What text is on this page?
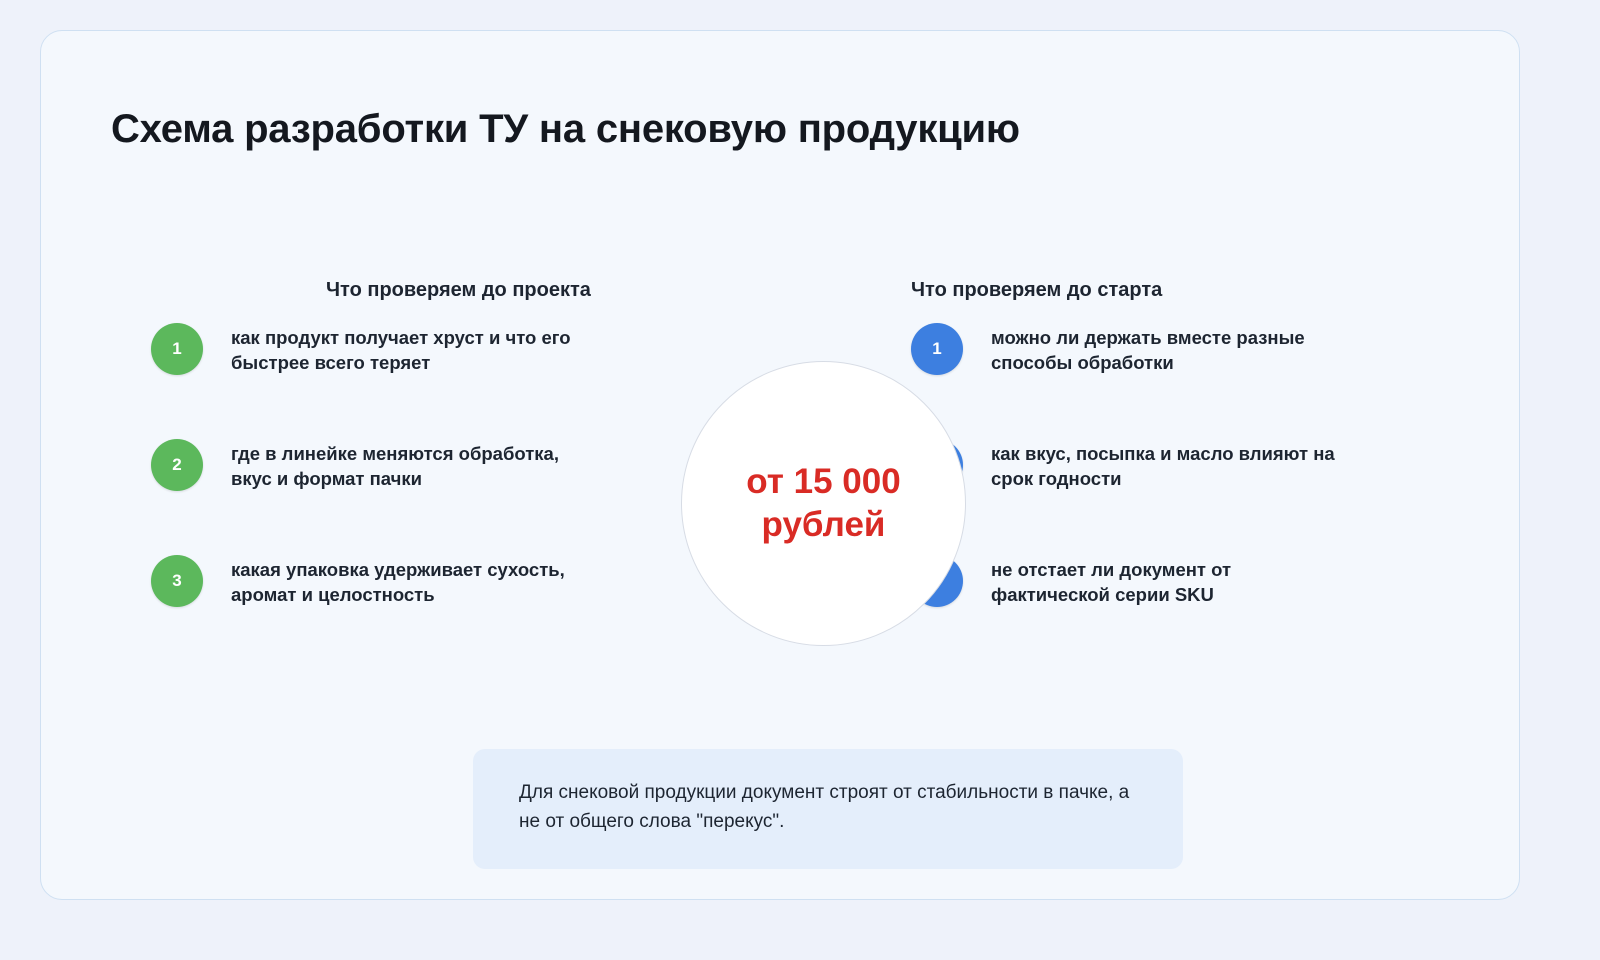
Схема разработки ТУ на снековую продукцию
Что проверяем до проекта	Что проверяем до старта
1
как продукт получает хруст и что его быстрее всего теряет
2
где в линейке меняются обработка, вкус и формат пачки
3
какая упаковка удерживает сухость, аромат и целостность
1
можно ли держать вместе разные способы обработки
как вкус, посыпка и масло влияют на срок годности
не отстает ли документ от фактической серии SKU
от 15 000 рублей
Для снековой продукции документ строят от стабильности в пачке, а не от общего слова "перекус".
